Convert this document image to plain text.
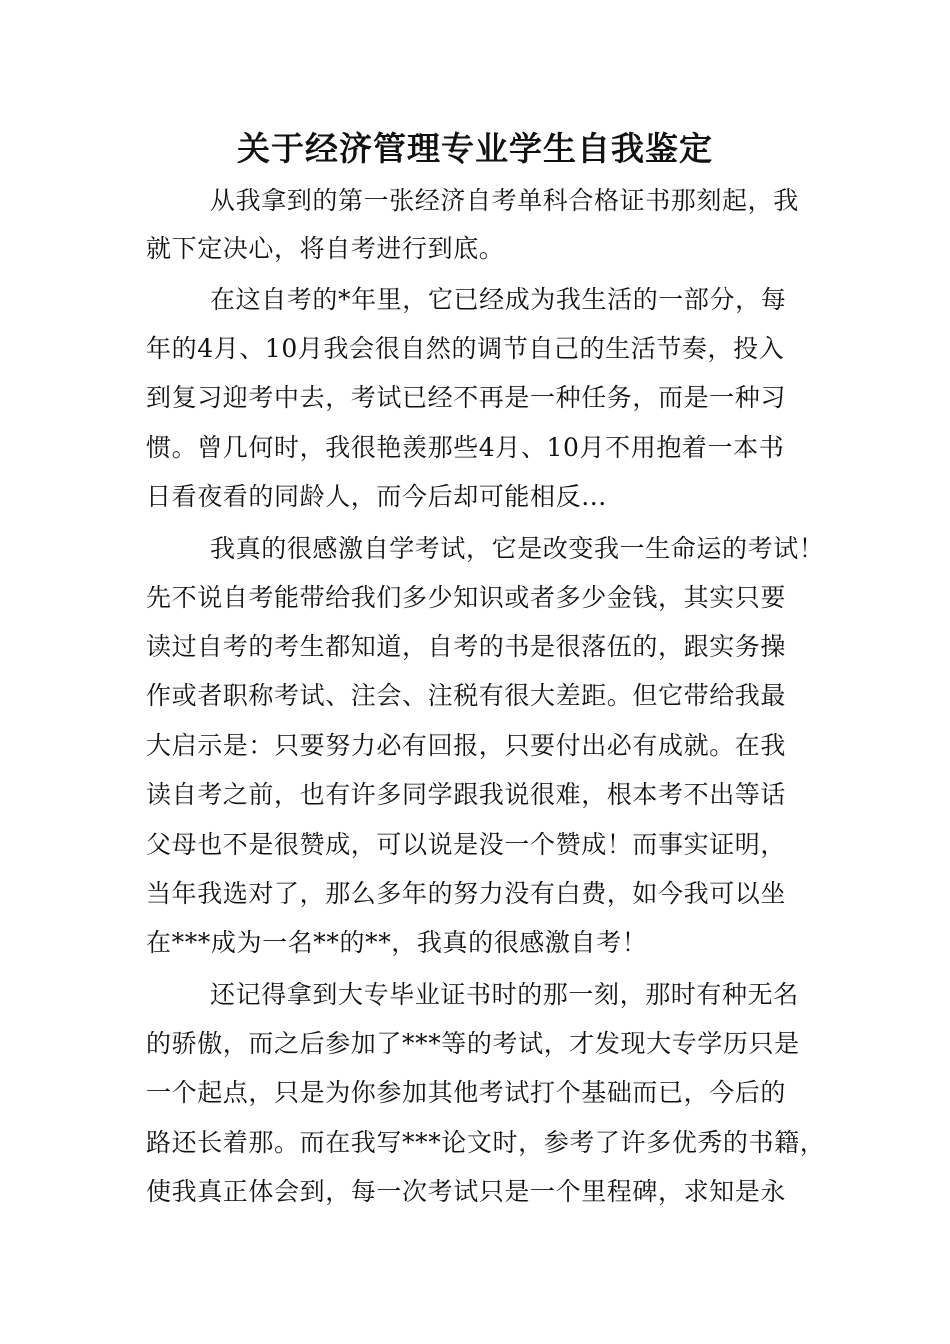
关于经济管理专业学生自我鉴定

从我拿到的第一张经济自考单科合格证书那刻起，我

就下定决心，将自考进行到底。

在这自考的*年里，它已经成为我生活的一部分，每

年的4月、10月我会很自然的调节自己的生活节奏，投入

到复习迎考中去，考试已经不再是一种任务，而是一种习

惯。曾几何时，我很艳羡那些4月、10月不用抱着一本书

日看夜看的同龄人，而今后却可能相反...

我真的很感激自学考试，它是改变我一生命运的考试！

先不说自考能带给我们多少知识或者多少金钱，其实只要

读过自考的考生都知道，自考的书是很落伍的，跟实务操

作或者职称考试、注会、注税有很大差距。但它带给我最

大启示是：只要努力必有回报，只要付出必有成就。在我

读自考之前，也有许多同学跟我说很难，根本考不出等话

父母也不是很赞成，可以说是没一个赞成！而事实证明，

当年我选对了，那么多年的努力没有白费，如今我可以坐

在***成为一名**的**，我真的很感激自考！

还记得拿到大专毕业证书时的那一刻，那时有种无名

的骄傲，而之后参加了***等的考试，才发现大专学历只是

一个起点，只是为你参加其他考试打个基础而已，今后的

路还长着那。而在我写***论文时，参考了许多优秀的书籍，

使我真正体会到，每一次考试只是一个里程碑，求知是永
